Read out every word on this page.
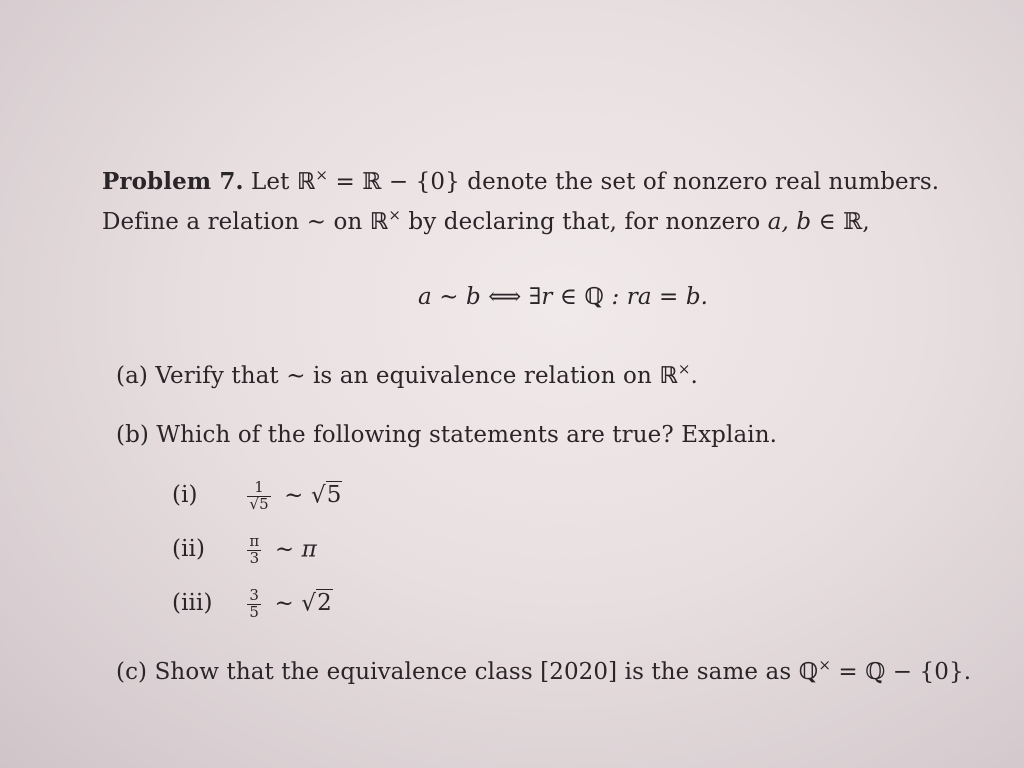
Problem 7. Let ℝ× = ℝ − {0} denote the set of nonzero real numbers.
Define a relation ∼ on ℝ× by declaring that, for nonzero a, b ∈ ℝ,
a ∼ b ⟺ ∃r ∈ ℚ : ra = b.
(a) Verify that ∼ is an equivalence relation on ℝ×.
(b) Which of the following statements are true? Explain.
(i)	$\frac{1}{√5}$ ∼ √5
(ii)	$\frac{\pi}{3}$ ∼ π
$(iii) \frac{3}{5}$ ∼ √2
(c) Show that the equivalence class [2020] is the same as ℚ× = ℚ − {0}.
